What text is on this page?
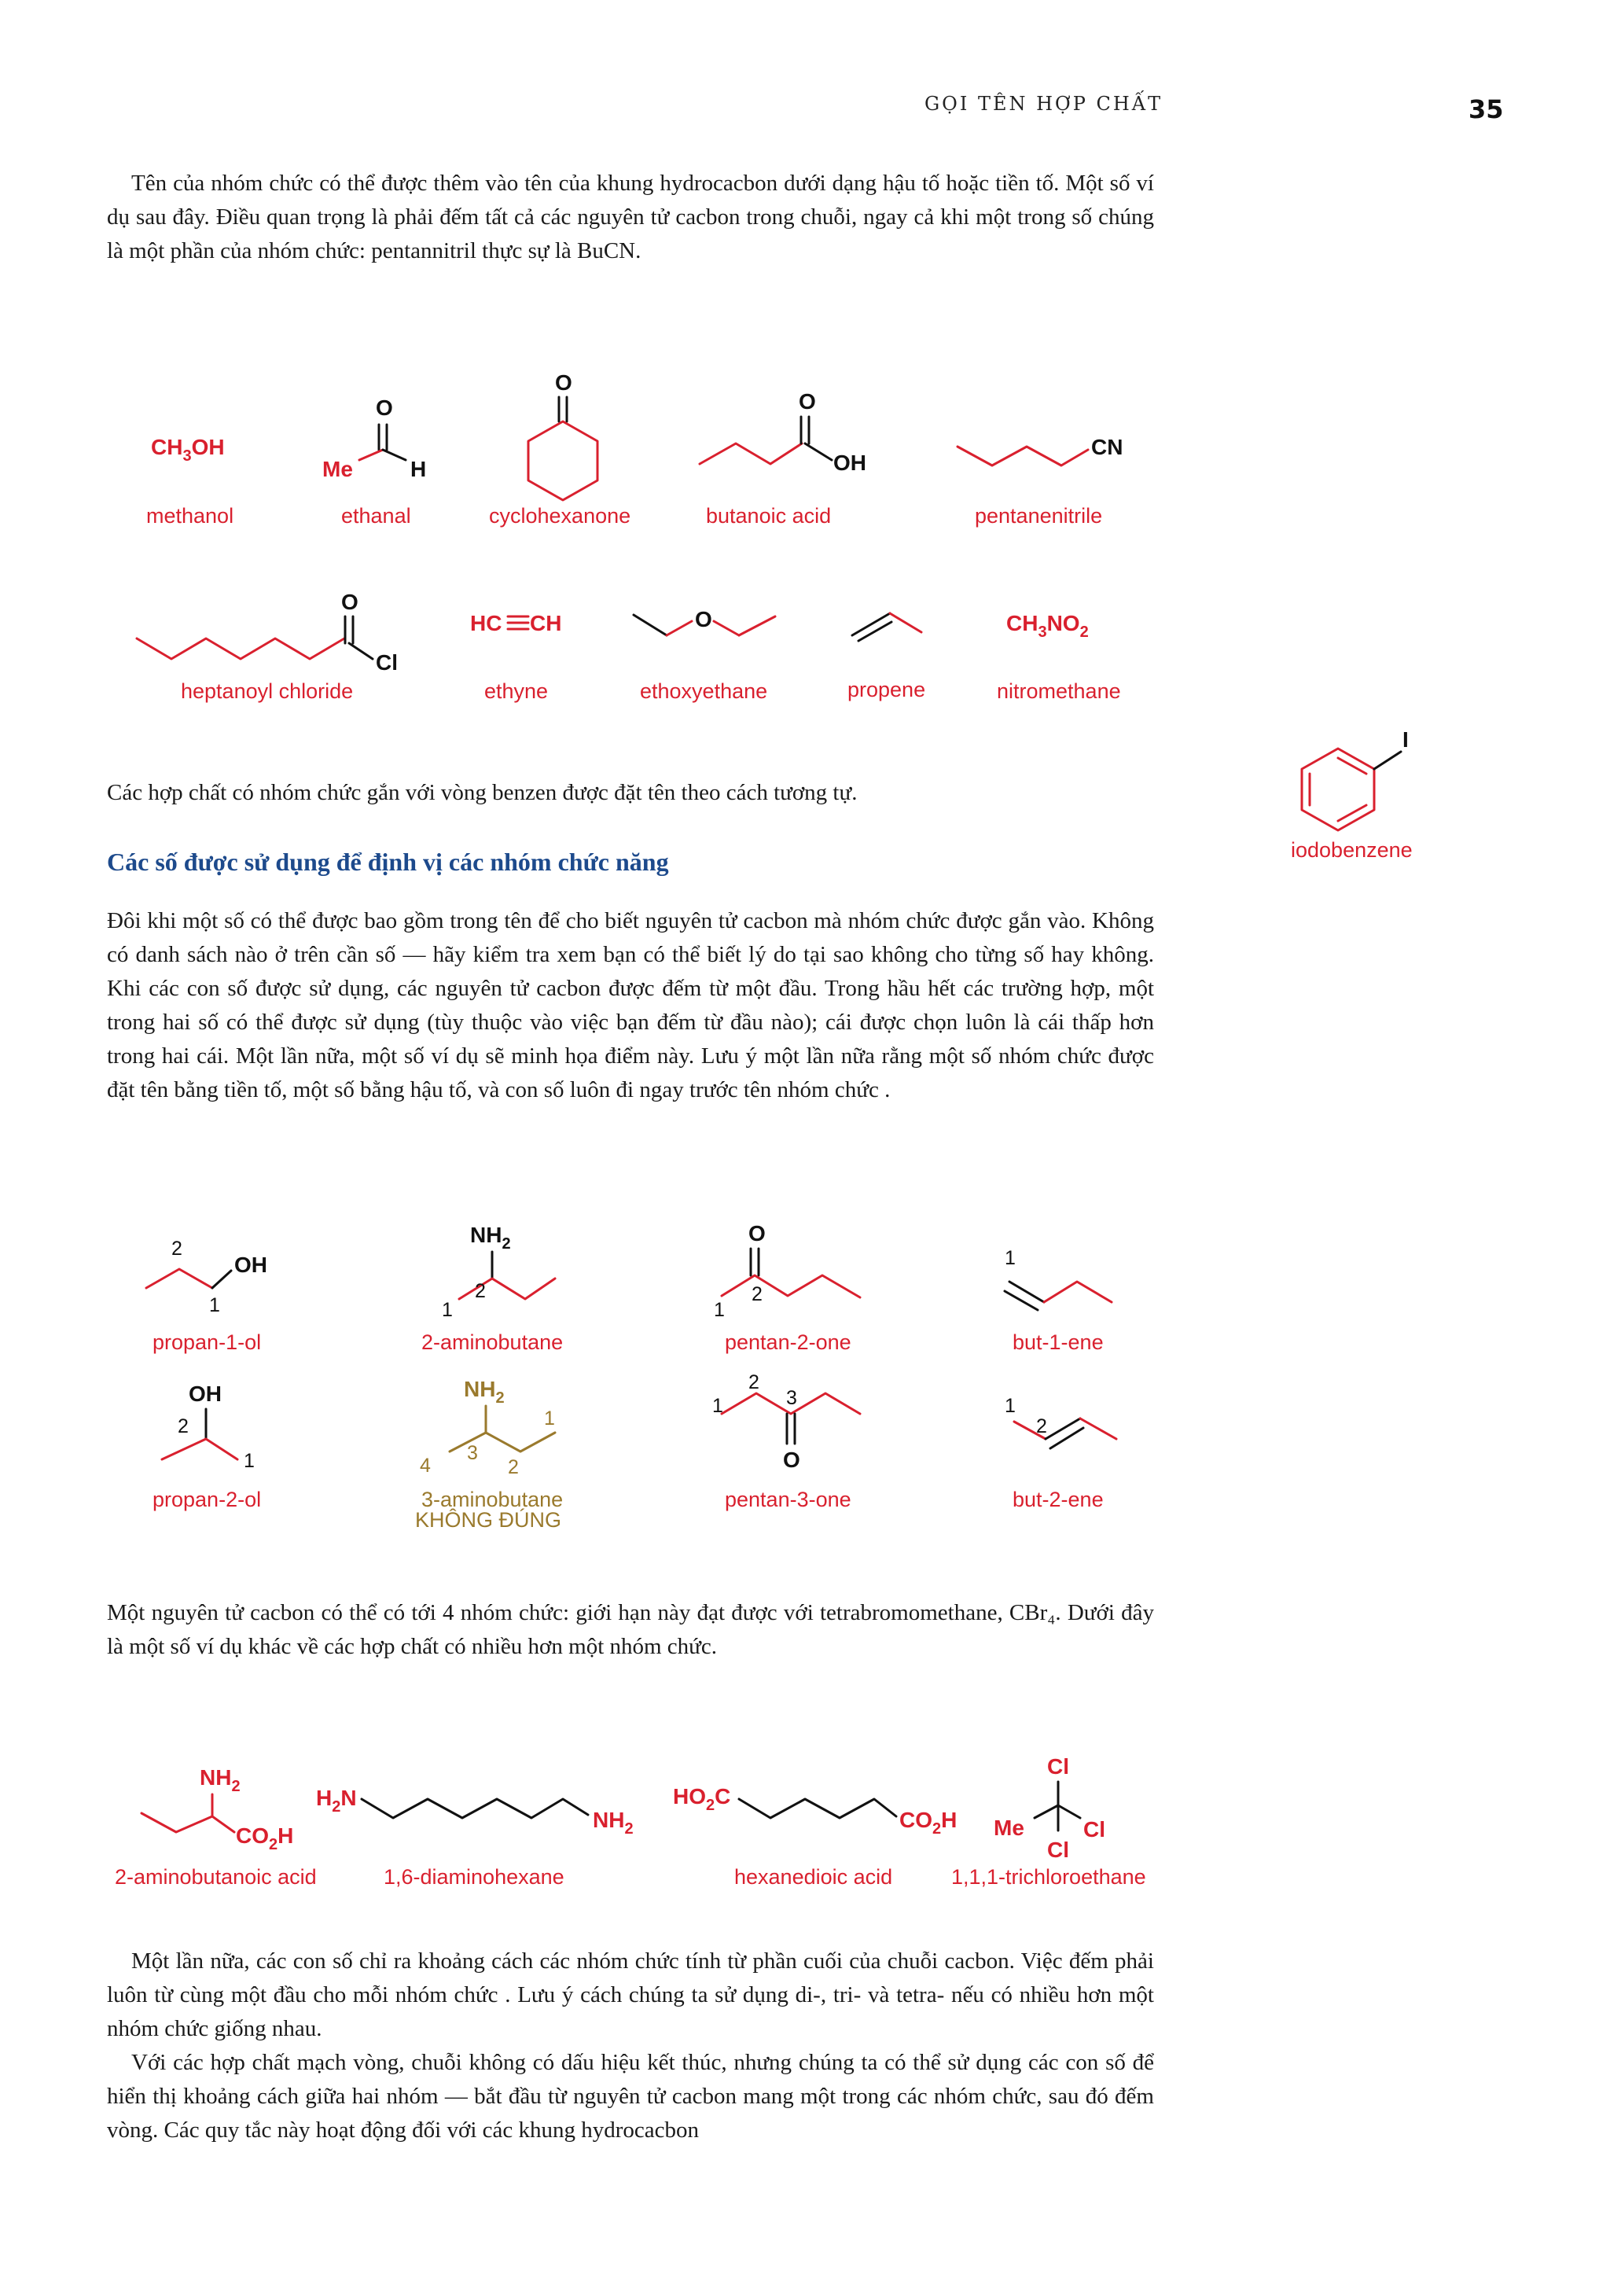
GỌI TÊN HỢP CHẤT	35

Tên của nhóm chức có thể được thêm vào tên của khung hydrocacbon dưới dạng hậu tố hoặc tiền tố. Một số ví dụ sau đây. Điều quan trọng là phải đếm tất cả các nguyên tử cacbon trong chuỗi, ngay cả khi một trong số chúng là một phần của nhóm chức: pentannitril thực sự là BuCN.

Các hợp chất có nhóm chức gắn với vòng benzen được đặt tên theo cách tương tự.

Các số được sử dụng để định vị các nhóm chức năng

Đôi khi một số có thể được bao gồm trong tên để cho biết nguyên tử cacbon mà nhóm chức được gắn vào. Không có danh sách nào ở trên cần số — hãy kiểm tra xem bạn có thể biết lý do tại sao không cho từng số hay không. Khi các con số được sử dụng, các nguyên tử cacbon được đếm từ một đầu. Trong hầu hết các trường hợp, một trong hai số có thể được sử dụng (tùy thuộc vào việc bạn đếm từ đầu nào); cái được chọn luôn là cái thấp hơn trong hai cái. Một lần nữa, một số ví dụ sẽ minh họa điểm này. Lưu ý một lần nữa rằng một số nhóm chức được đặt tên bằng tiền tố, một số bằng hậu tố, và con số luôn đi ngay trước tên nhóm chức .

Một nguyên tử cacbon có thể có tới 4 nhóm chức: giới hạn này đạt được với tetrabromomethane, CBr₄. Dưới đây là một số ví dụ khác về các hợp chất có nhiều hơn một nhóm chức.

Một lần nữa, các con số chỉ ra khoảng cách các nhóm chức tính từ phần cuối của chuỗi cacbon. Việc đếm phải luôn từ cùng một đầu cho mỗi nhóm chức . Lưu ý cách chúng ta sử dụng di-, tri- và tetra- nếu có nhiều hơn một nhóm chức giống nhau.

Với các hợp chất mạch vòng, chuỗi không có dấu hiệu kết thúc, nhưng chúng ta có thể sử dụng các con số để hiển thị khoảng cách giữa hai nhóm — bắt đầu từ nguyên tử cacbon mang một trong các nhóm chức, sau đó đếm vòng. Các quy tắc này hoạt động đối với các khung hydrocacbon

$CH_3OH$
methanol
O
Me	H
ethanal
O
cyclohexanone
O
OH
butanoic acid
CN
pentanenitrile
O
Cl
heptanoyl chloride
HC CH
ethyne
O
ethoxyethane	propene
$CH_3NO_2$
nitromethane
I
iodobenzene
OH
2
1
propan-1-ol
$NH_2$
2
1
2-aminobutane
O
2
1
pentan-2-one
1
but-1-ene
OH
2
1
propan-2-ol
$NH_2$
1
3
4	2
3-aminobutane
KHÔNG ĐÚNG
O
1
2
3
pentan-3-one
1
2
but-2-ene
$NH_2$
$CO_2H$
2-aminobutanoic acid
$H_2N$
$NH_2$
1,6-diaminohexane
$HO_2C$
$CO_2H$
hexanedioic acid
Cl
Me	Cl
Cl
1,1,1-trichloroethane
